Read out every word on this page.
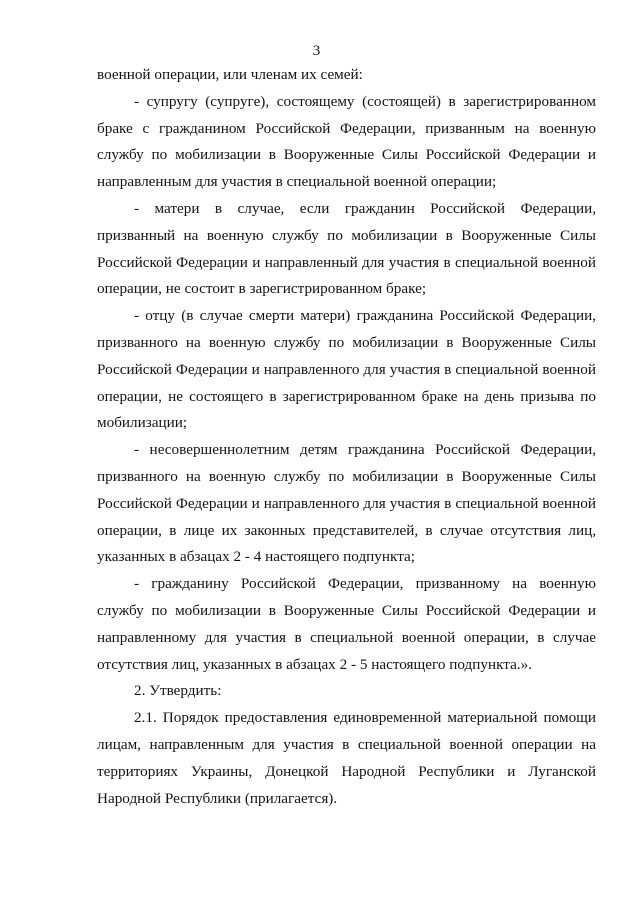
3

военной операции, или членам их семей:

- супругу (супруге), состоящему (состоящей) в зарегистрированном браке с гражданином Российской Федерации, призванным на военную службу по мобилизации в Вооруженные Силы Российской Федерации и направленным для участия в специальной военной операции;

- матери в случае, если гражданин Российской Федерации, призванный на военную службу по мобилизации в Вооруженные Силы Российской Федерации и направленный для участия в специальной военной операции, не состоит в зарегистрированном браке;

- отцу (в случае смерти матери) гражданина Российской Федерации, призванного на военную службу по мобилизации в Вооруженные Силы Российской Федерации и направленного для участия в специальной военной операции, не состоящего в зарегистрированном браке на день призыва по мобилизации;

- несовершеннолетним детям гражданина Российской Федерации, призванного на военную службу по мобилизации в Вооруженные Силы Российской Федерации и направленного для участия в специальной военной операции, в лице их законных представителей, в случае отсутствия лиц, указанных в абзацах 2 - 4 настоящего подпункта;

- гражданину Российской Федерации, призванному на военную службу по мобилизации в Вооруженные Силы Российской Федерации и направленному для участия в специальной военной операции, в случае отсутствия лиц, указанных в абзацах 2 - 5 настоящего подпункта.».

2. Утвердить:

2.1. Порядок предоставления единовременной материальной помощи лицам, направленным для участия в специальной военной операции на территориях Украины, Донецкой Народной Республики и Луганской Народной Республики (прилагается).
